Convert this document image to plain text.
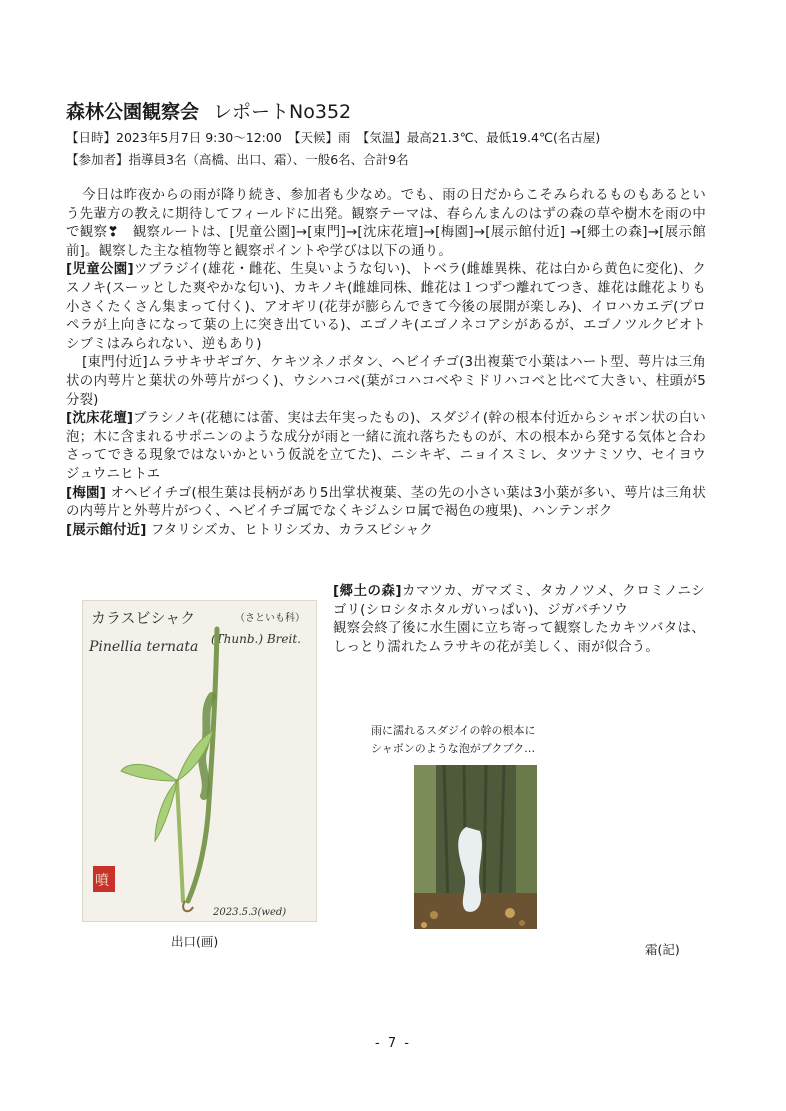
森林公園観察会 レポートNo352
【日時】2023年5月7日 9:30～12:00　【天候】雨　【気温】最高21.3℃、最低19.4℃(名古屋)
【参加者】指導員3名（高橋、出口、霜）、一般6名、合計9名

今日は昨夜からの雨が降り続き、参加者も少なめ。でも、雨の日だからこそみられるものもあるという先輩方の教えに期待してフィールドに出発。観察テーマは、春らんまんのはずの森の草や樹木を雨の中で観察❣　観察ルートは、[児童公園]→[東門]→[沈床花壇]→[梅園]→[展示館付近] →[郷土の森]→[展示館前]。観察した主な植物等と観察ポイントや学びは以下の通り。

[児童公園]ツブラジイ(雄花・雌花、生臭いような匂い)、トベラ(雌雄異株、花は白から黄色に変化)、クスノキ(スーッとした爽やかな匂い)、カキノキ(雌雄同株、雌花は１つずつ離れてつき、雄花は雌花よりも小さくたくさん集まって付く)、アオギリ(花芽が膨らんできて今後の展開が楽しみ)、イロハカエデ(プロペラが上向きになって葉の上に突き出ている)、エゴノキ(エゴノネコアシがあるが、エゴノツルクビオトシブミはみられない、逆もあり)

[東門付近]ムラサキサギゴケ、ケキツネノボタン、ヘビイチゴ(3出複葉で小葉はハート型、萼片は三角状の内萼片と葉状の外萼片がつく)、ウシハコベ(葉がコハコベやミドリハコベと比べて大きい、柱頭が5分裂)

[沈床花壇]ブラシノキ(花穂には蕾、実は去年実ったもの)、スダジイ(幹の根本付近からシャボン状の白い泡；木に含まれるサポニンのような成分が雨と一緒に流れ落ちたものが、木の根本から発する気体と合わさってできる現象ではないかという仮説を立てた)、ニシキギ、ニョイスミレ、タツナミソウ、セイヨウジュウニヒトエ

[梅園] オヘビイチゴ(根生葉は長柄があり5出掌状複葉、茎の先の小さい葉は3小葉が多い、萼片は三角状の内萼片と外萼片がつく、ヘビイチゴ属でなくキジムシロ属で褐色の痩果)、ハンテンボク

[展示館付近] フタリシズカ、ヒトリシズカ、カラスビシャク

[郷土の森]カマツカ、ガマズミ、タカノツメ、クロミノニシゴリ(シロシタホタルガいっぱい)、ジガバチソウ

観察会終了後に水生園に立ち寄って観察したカキツバタは、しっとり濡れたムラサキの花が美しく、雨が似合う。

カラスビシャク	（さといも科）
Pinellia ternata (Thunb.) Breit.
噴
2023.5.3(wed)
出口(画)
雨に濡れるスダジイの幹の根本に
シャボンのような泡がブクブク…
霜(記)
- 7 -
